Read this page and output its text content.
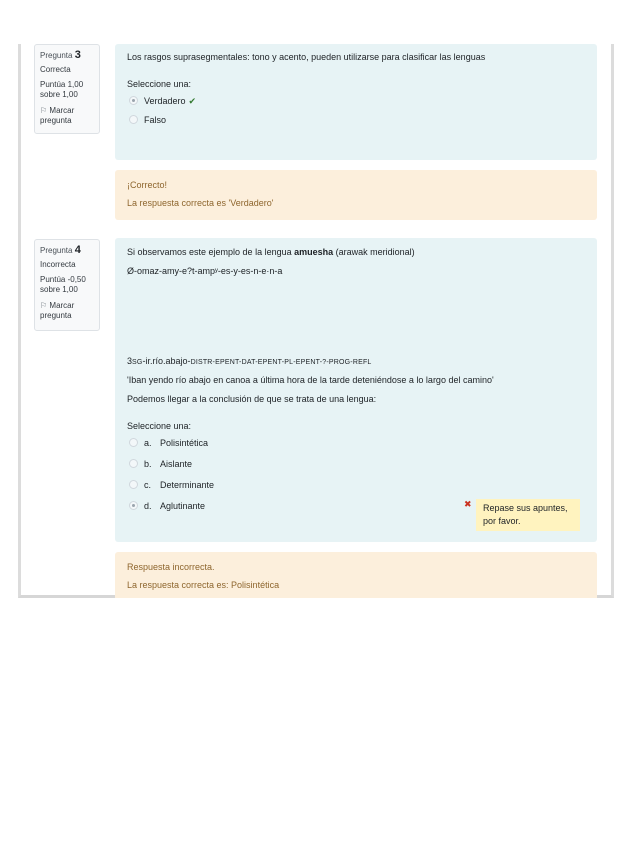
Pregunta 3
Correcta
Puntúa 1,00
sobre 1,00
⚐ Marcar
pregunta
Los rasgos suprasegmentales: tono y acento, pueden utilizarse para clasificar las lenguas
Seleccione una:
Verdadero ✔
Falso
¡Correcto!
La respuesta correcta es 'Verdadero'
Pregunta 4
Incorrecta
Puntúa -0,50
sobre 1,00
⚐ Marcar
pregunta
Si observamos este ejemplo de la lengua amuesha (arawak meridional)
Ø-omaz-amy-e?t-ampʸ-es-y-es-n-e·n-a
3SG-ir.río.abajo-DISTR-EPENT-DAT-EPENT-PL-EPENT-?-PROG-REFL
'Iban yendo río abajo en canoa a última hora de la tarde deteniéndose a lo largo del camino'
Podemos llegar a la conclusión de que se trata de una lengua:
Seleccione una:
a. Polisintética
b. Aislante
c. Determinante
d. Aglutinante	✖	Repase sus apuntes, por favor.
Respuesta incorrecta.
La respuesta correcta es: Polisintética
